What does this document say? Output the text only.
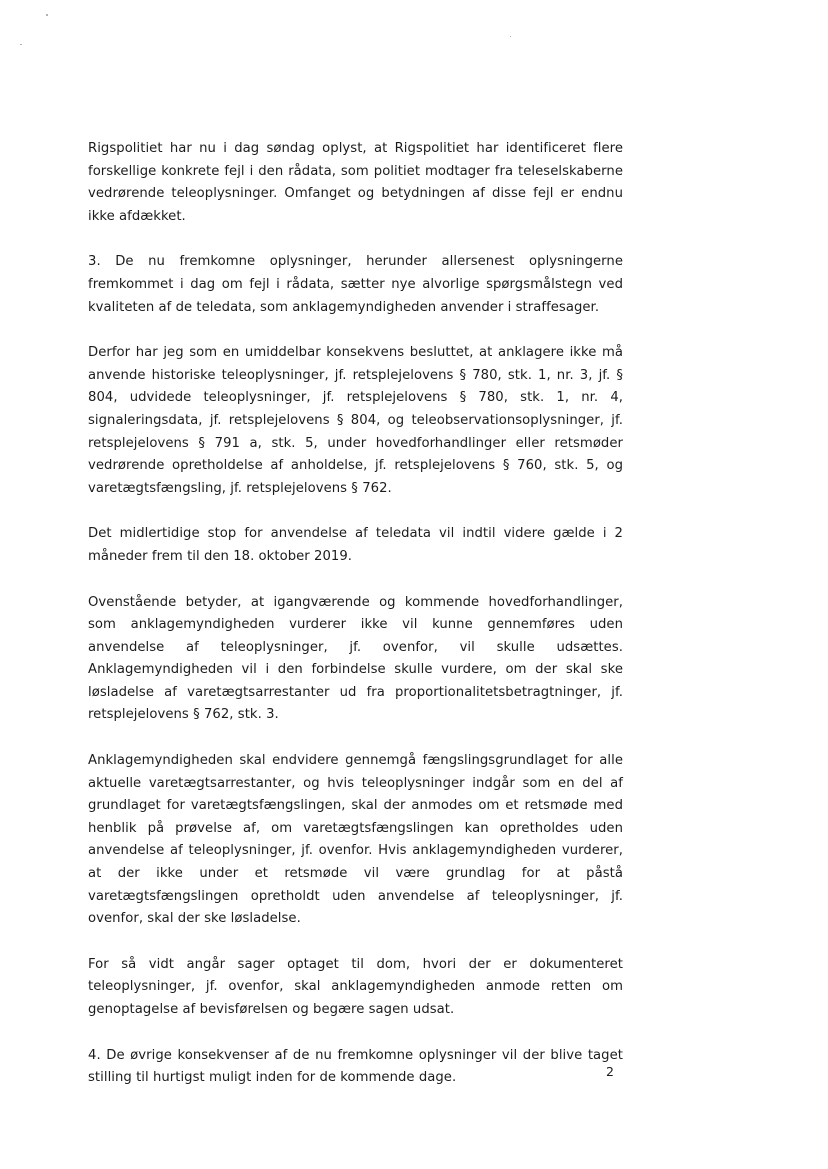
Rigspolitiet har nu i dag søndag oplyst, at Rigspolitiet har identificeret flere forskellige konkrete fejl i den rådata, som politiet modtager fra teleselskaberne vedrørende teleoplysninger. Omfanget og betydningen af disse fejl er endnu ikke afdækket.

3. De nu fremkomne oplysninger, herunder allersenest oplysningerne fremkommet i dag om fejl i rådata, sætter nye alvorlige spørgsmålstegn ved kvaliteten af de teledata, som anklagemyndigheden anvender i straffesager.

Derfor har jeg som en umiddelbar konsekvens besluttet, at anklagere ikke må anvende historiske teleoplysninger, jf. retsplejelovens § 780, stk. 1, nr. 3, jf. § 804, udvidede teleoplysninger, jf. retsplejelovens § 780, stk. 1, nr. 4, signaleringsdata, jf. retsplejelovens § 804, og teleobservationsoplysninger, jf. retsplejelovens § 791 a, stk. 5, under hovedforhandlinger eller retsmøder vedrørende opretholdelse af anholdelse, jf. retsplejelovens § 760, stk. 5, og varetægtsfængsling, jf. retsplejelovens § 762.

Det midlertidige stop for anvendelse af teledata vil indtil videre gælde i 2 måneder frem til den 18. oktober 2019.

Ovenstående betyder, at igangværende og kommende hovedforhandlinger, som anklagemyndigheden vurderer ikke vil kunne gennemføres uden anvendelse af teleoplysninger, jf. ovenfor, vil skulle udsættes. Anklagemyndigheden vil i den forbindelse skulle vurdere, om der skal ske løsladelse af varetægtsarrestanter ud fra proportionalitetsbetragtninger, jf. retsplejelovens § 762, stk. 3.

Anklagemyndigheden skal endvidere gennemgå fængslingsgrundlaget for alle aktuelle varetægtsarrestanter, og hvis teleoplysninger indgår som en del af grundlaget for varetægtsfængslingen, skal der anmodes om et retsmøde med henblik på prøvelse af, om varetægtsfængslingen kan opretholdes uden anvendelse af teleoplysninger, jf. ovenfor. Hvis anklagemyndigheden vurderer, at der ikke under et retsmøde vil være grundlag for at påstå varetægtsfængslingen opretholdt uden anvendelse af teleoplysninger, jf. ovenfor, skal der ske løsladelse.

For så vidt angår sager optaget til dom, hvori der er dokumenteret teleoplysninger, jf. ovenfor, skal anklagemyndigheden anmode retten om genoptagelse af bevisførelsen og begære sagen udsat.

4. De øvrige konsekvenser af de nu fremkomne oplysninger vil der blive taget stilling til hurtigst muligt inden for de kommende dage.	2
